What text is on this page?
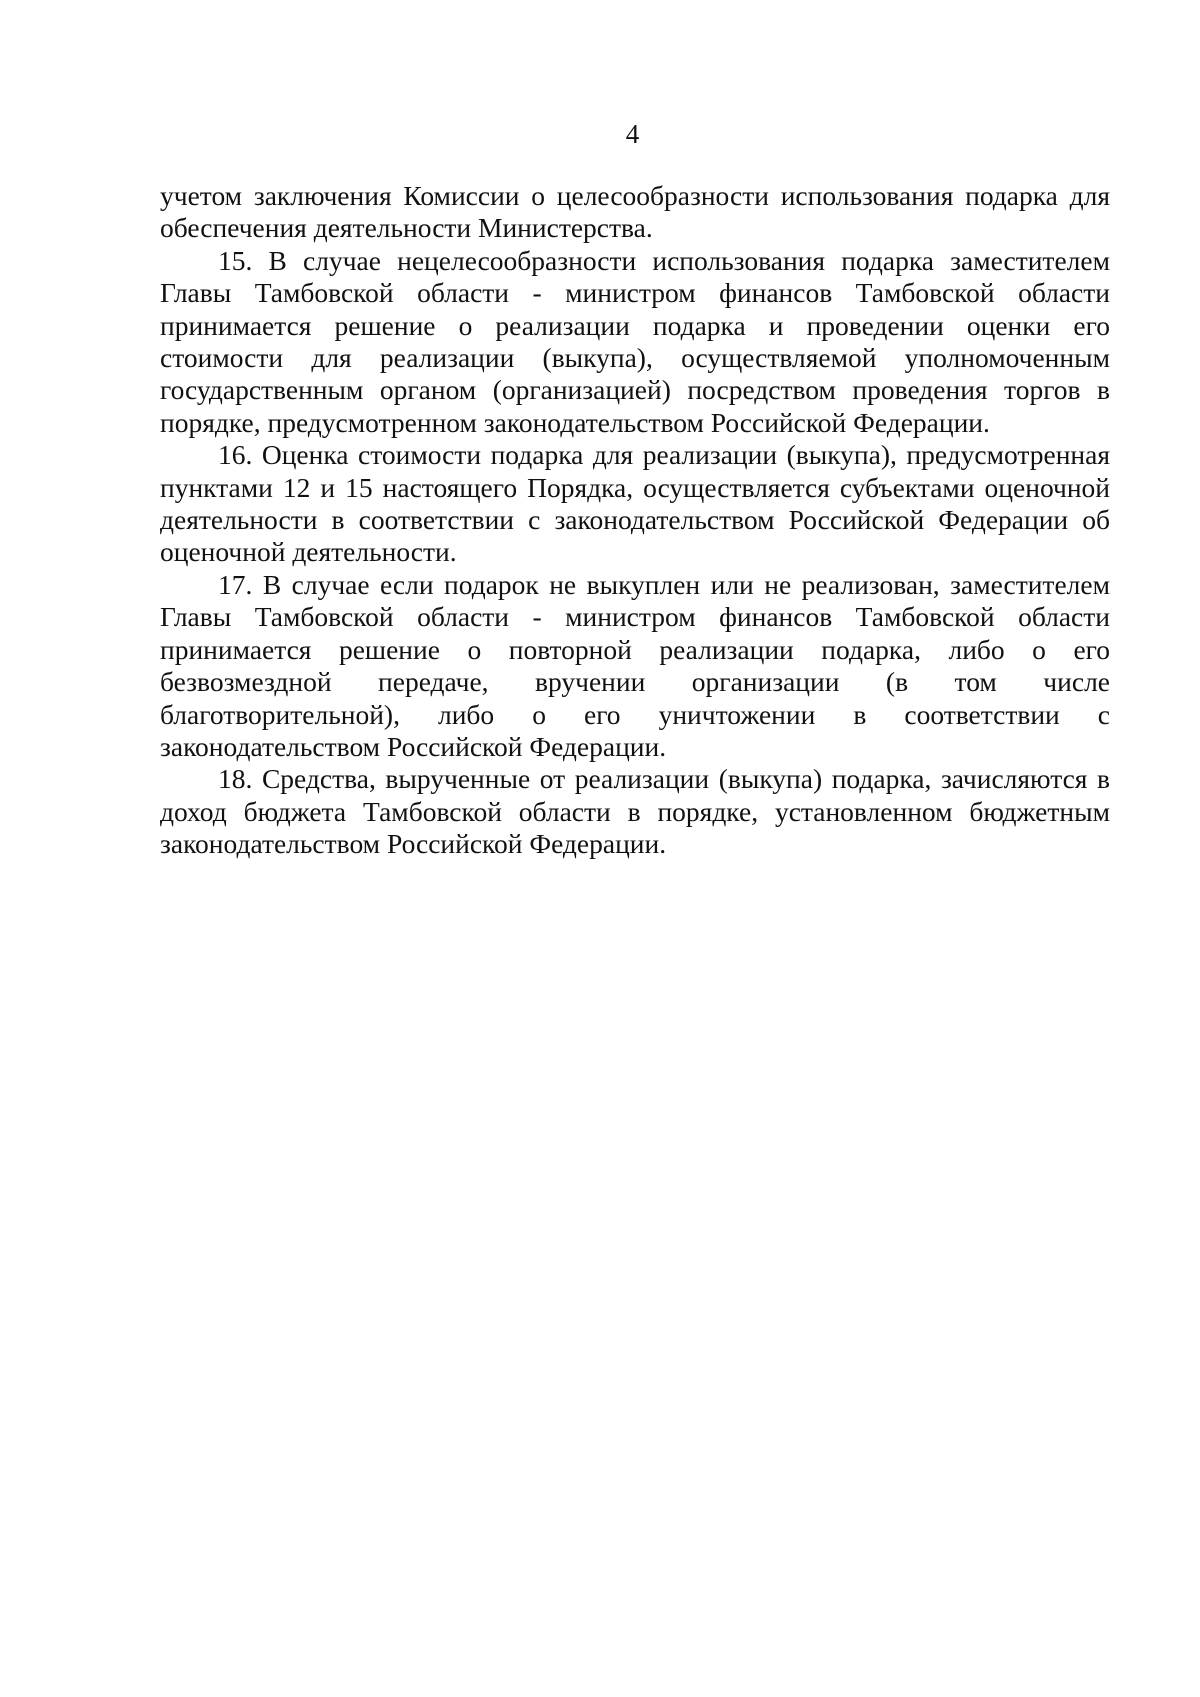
4

учетом заключения Комиссии о целесообразности использования подарка для обеспечения деятельности Министерства.

15. В случае нецелесообразности использования подарка заместителем Главы Тамбовской области - министром финансов Тамбовской области принимается решение о реализации подарка и проведении оценки его стоимости для реализации (выкупа), осуществляемой уполномоченным государственным органом (организацией) посредством проведения торгов в порядке, предусмотренном законодательством Российской Федерации.

16. Оценка стоимости подарка для реализации (выкупа), предусмотренная пунктами 12 и 15 настоящего Порядка, осуществляется субъектами оценочной деятельности в соответствии с законодательством Российской Федерации об оценочной деятельности.

17. В случае если подарок не выкуплен или не реализован, заместителем Главы Тамбовской области - министром финансов Тамбовской области принимается решение о повторной реализации подарка, либо о его безвозмездной передаче, вручении организации (в том числе благотворительной), либо о его уничтожении в соответствии с законодательством Российской Федерации.

18. Средства, вырученные от реализации (выкупа) подарка, зачисляются в доход бюджета Тамбовской области в порядке, установленном бюджетным законодательством Российской Федерации.
